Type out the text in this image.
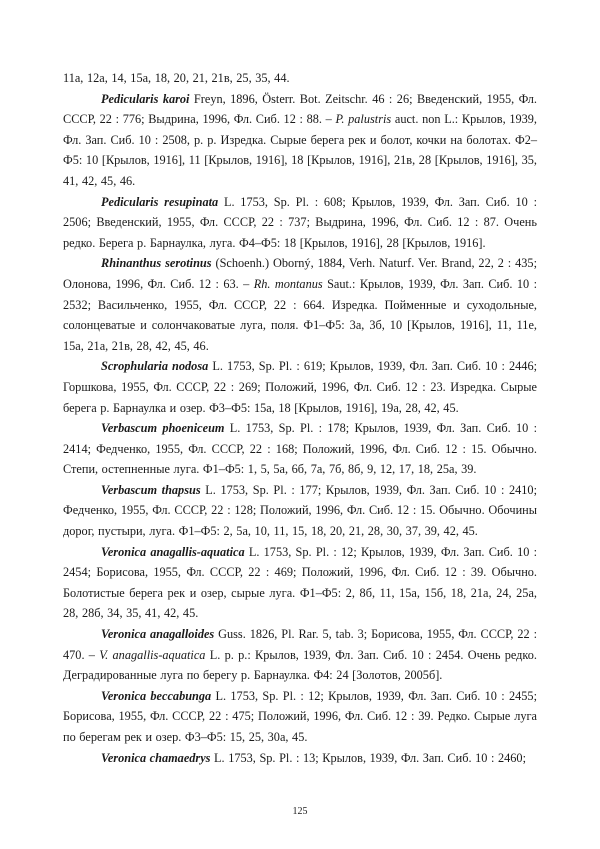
11а, 12а, 14, 15а, 18, 20, 21, 21в, 25, 35, 44.

Pedicularis karoi Freyn, 1896, Österr. Bot. Zeitschr. 46 : 26; Введенский, 1955, Фл. СССР, 22 : 776; Выдрина, 1996, Фл. Сиб. 12 : 88. – P. palustris auct. non L.: Крылов, 1939, Фл. Зап. Сиб. 10 : 2508, p. p. Изредка. Сырые берега рек и болот, кочки на болотах. Ф2–Ф5: 10 [Крылов, 1916], 11 [Крылов, 1916], 18 [Крылов, 1916], 21в, 28 [Крылов, 1916], 35, 41, 42, 45, 46.

Pedicularis resupinata L. 1753, Sp. Pl. : 608; Крылов, 1939, Фл. Зап. Сиб. 10 : 2506; Введенский, 1955, Фл. СССР, 22 : 737; Выдрина, 1996, Фл. Сиб. 12 : 87. Очень редко. Берега р. Барнаулка, луга. Ф4–Ф5: 18 [Крылов, 1916], 28 [Крылов, 1916].

Rhinanthus serotinus (Schoenh.) Oborný, 1884, Verh. Naturf. Ver. Brand, 22, 2 : 435; Олонова, 1996, Фл. Сиб. 12 : 63. – Rh. montanus Saut.: Крылов, 1939, Фл. Зап. Сиб. 10 : 2532; Васильченко, 1955, Фл. СССР, 22 : 664. Изредка. Пойменные и суходольные, солонцеватые и солончаковатые луга, поля. Ф1–Ф5: 3а, 3б, 10 [Крылов, 1916], 11, 11е, 15а, 21а, 21в, 28, 42, 45, 46.

Scrophularia nodosa L. 1753, Sp. Pl. : 619; Крылов, 1939, Фл. Зап. Сиб. 10 : 2446; Горшкова, 1955, Фл. СССР, 22 : 269; Положий, 1996, Фл. Сиб. 12 : 23. Изредка. Сырые берега р. Барнаулка и озер. Ф3–Ф5: 15а, 18 [Крылов, 1916], 19а, 28, 42, 45.

Verbascum phoeniceum L. 1753, Sp. Pl. : 178; Крылов, 1939, Фл. Зап. Сиб. 10 : 2414; Федченко, 1955, Фл. СССР, 22 : 168; Положий, 1996, Фл. Сиб. 12 : 15. Обычно. Степи, остепненные луга. Ф1–Ф5: 1, 5, 5а, 6б, 7а, 7б, 8б, 9, 12, 17, 18, 25а, 39.

Verbascum thapsus L. 1753, Sp. Pl. : 177; Крылов, 1939, Фл. Зап. Сиб. 10 : 2410; Федченко, 1955, Фл. СССР, 22 : 128; Положий, 1996, Фл. Сиб. 12 : 15. Обычно. Обочины дорог, пустыри, луга. Ф1–Ф5: 2, 5а, 10, 11, 15, 18, 20, 21, 28, 30, 37, 39, 42, 45.

Veronica anagallis-aquatica L. 1753, Sp. Pl. : 12; Крылов, 1939, Фл. Зап. Сиб. 10 : 2454; Борисова, 1955, Фл. СССР, 22 : 469; Положий, 1996, Фл. Сиб. 12 : 39. Обычно. Болотистые берега рек и озер, сырые луга. Ф1–Ф5: 2, 8б, 11, 15а, 15б, 18, 21а, 24, 25а, 28, 28б, 34, 35, 41, 42, 45.

Veronica anagalloides Guss. 1826, Pl. Rar. 5, tab. 3; Борисова, 1955, Фл. СССР, 22 : 470. – V. anagallis-aquatica L. p. p.: Крылов, 1939, Фл. Зап. Сиб. 10 : 2454. Очень редко. Деградированные луга по берегу р. Барнаулка. Ф4: 24 [Золотов, 2005б].

Veronica beccabunga L. 1753, Sp. Pl. : 12; Крылов, 1939, Фл. Зап. Сиб. 10 : 2455; Борисова, 1955, Фл. СССР, 22 : 475; Положий, 1996, Фл. Сиб. 12 : 39. Редко. Сырые луга по берегам рек и озер. Ф3–Ф5: 15, 25, 30а, 45.

Veronica chamaedrys L. 1753, Sp. Pl. : 13; Крылов, 1939, Фл. Зап. Сиб. 10 : 2460;

125
